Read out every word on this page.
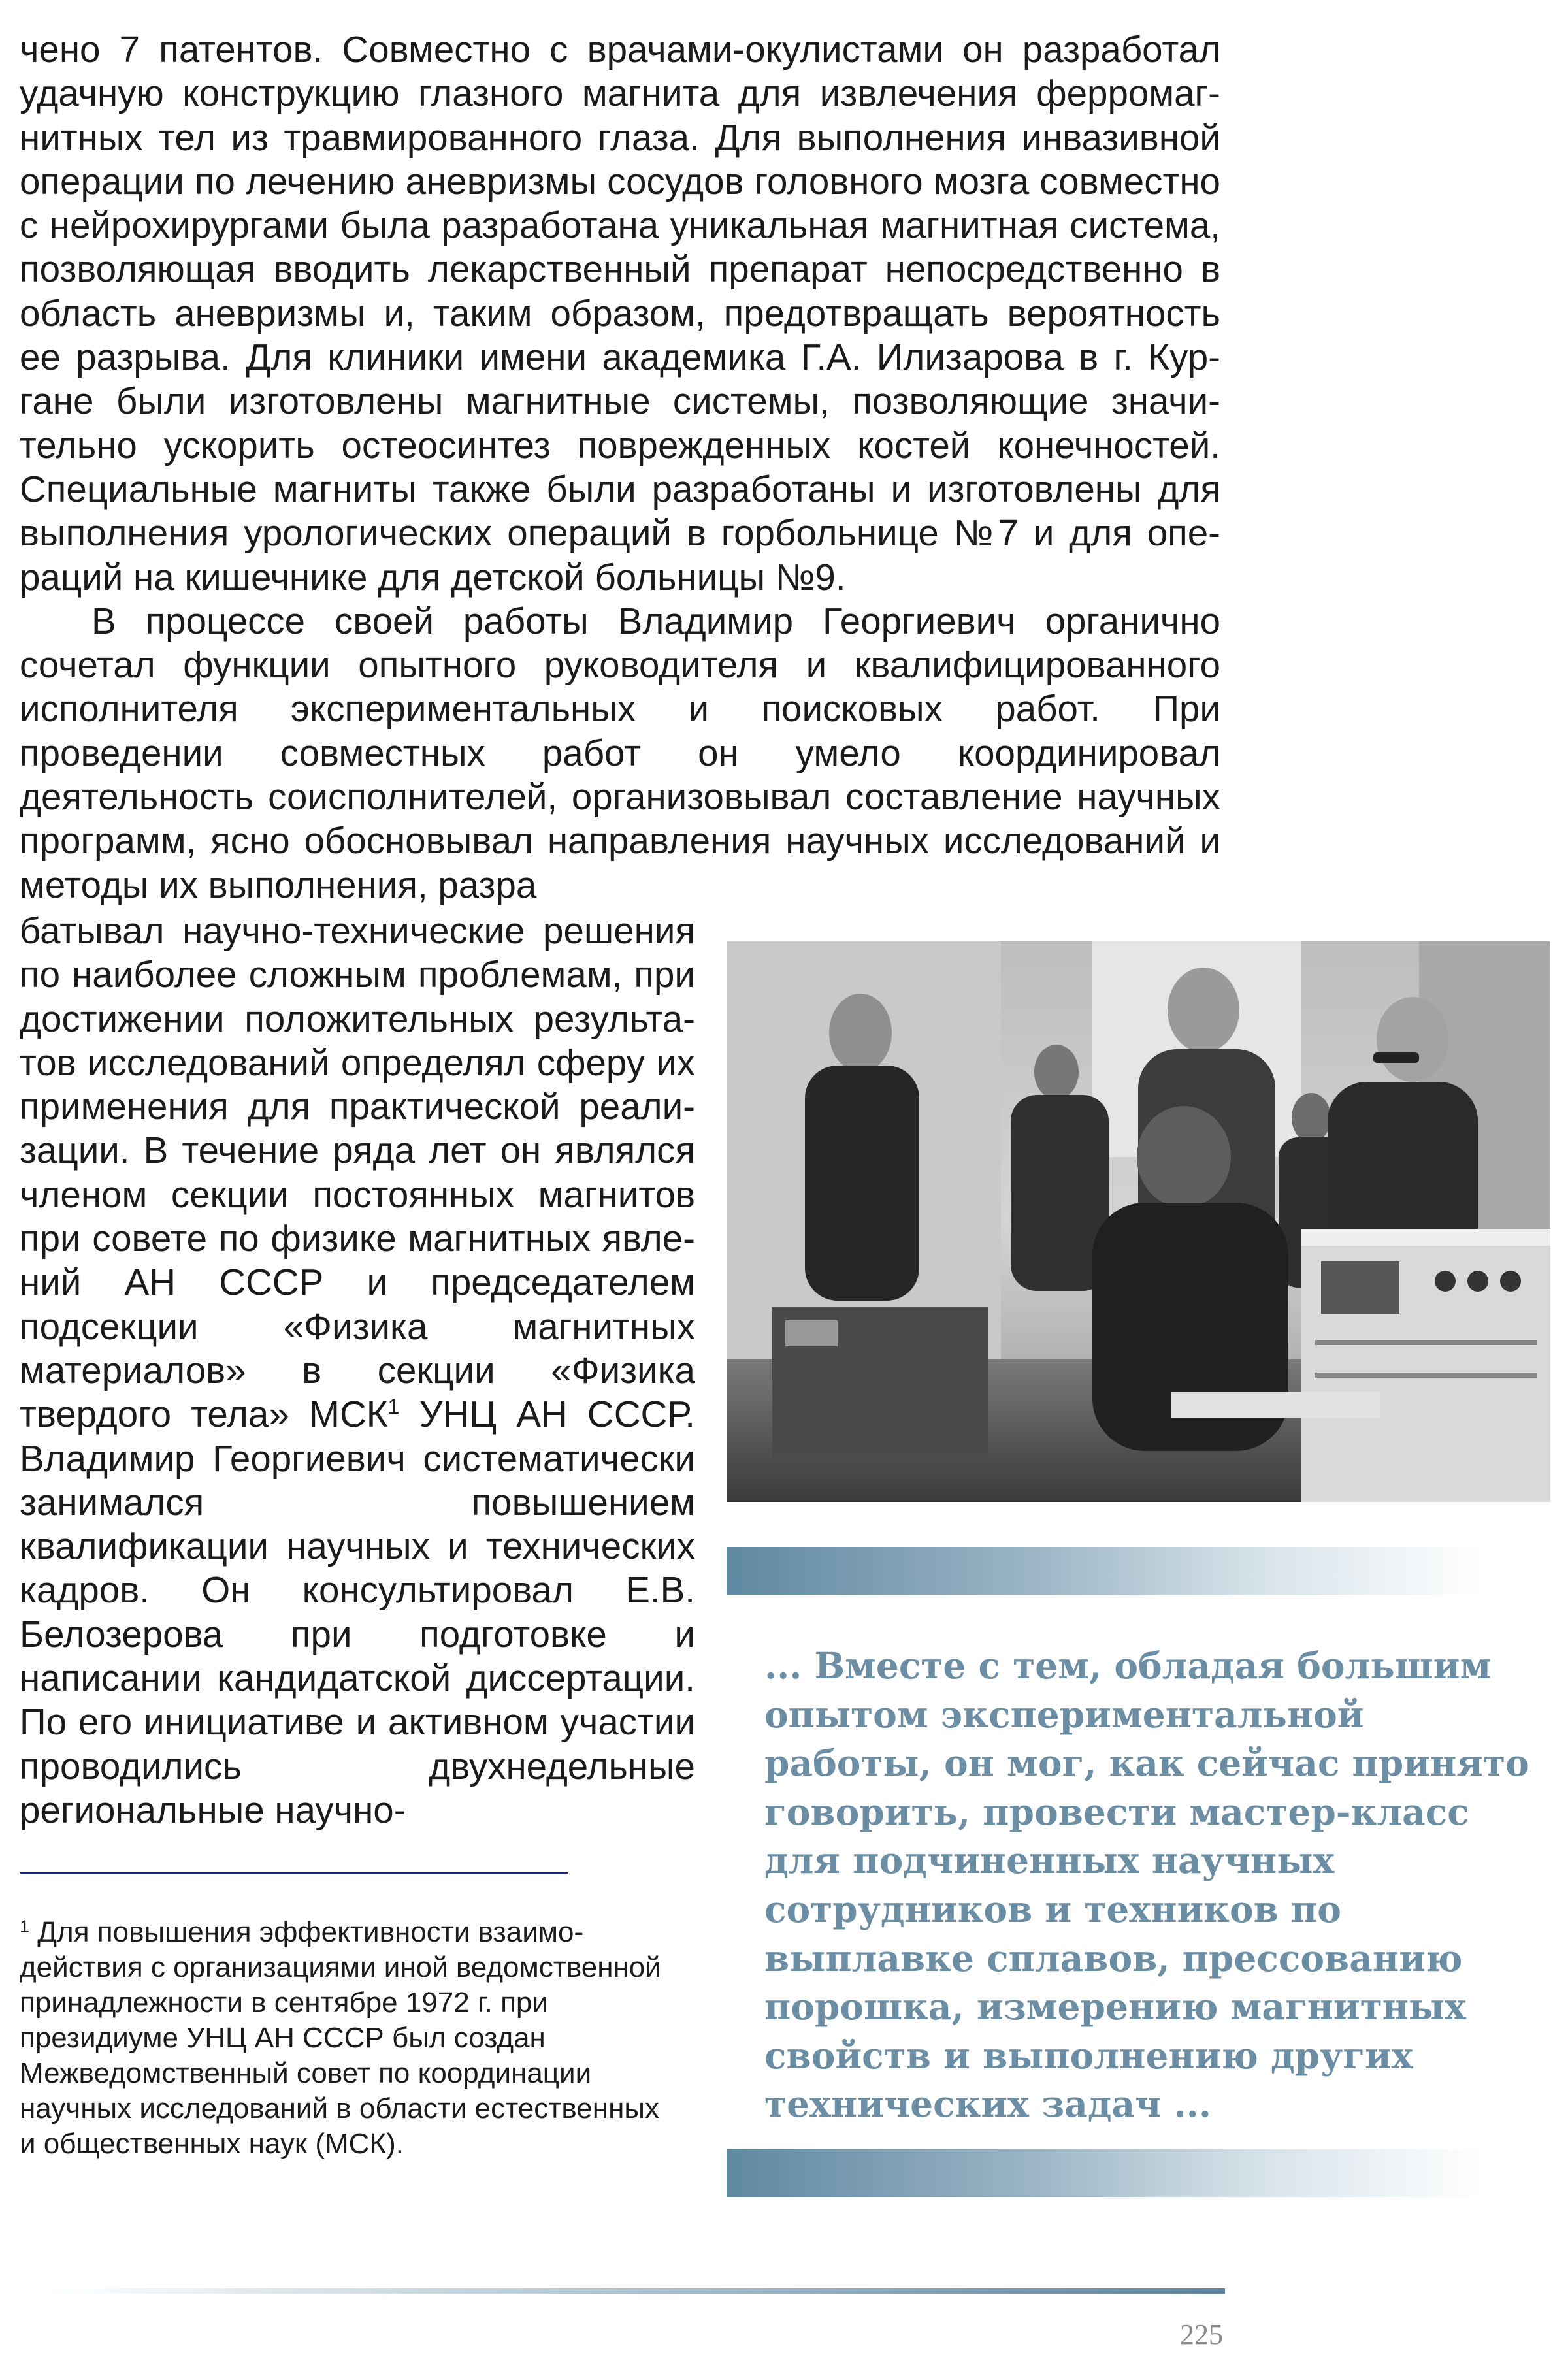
чено 7 патентов. Совместно с врачами-окулистами он разработал удачную конструкцию глазного магнита для извлечения ферромагнитных тел из травмированного глаза. Для выполнения инвазивной операции по лечению аневризмы сосудов головного мозга совместно с нейрохирургами была разработана уникальная магнитная система, позволяющая вводить лекарственный препарат непосредственно в область аневризмы и, таким образом, предотвращать вероятность ее разрыва. Для клиники имени академика Г.А. Илизарова в г. Кургане были изготовлены магнитные системы, позволяющие значительно ускорить остеосинтез поврежденных костей конечностей. Специальные магниты также были разработаны и изготовлены для выполнения урологических операций в горбольнице №7 и для операций на кишечнике для детской больницы №9.

В процессе своей работы Владимир Георгиевич органично сочетал функции опытного руководителя и квалифицированного исполнителя экспериментальных и поисковых работ. При проведении совместных работ он умело координировал деятельность соисполнителей, организовывал составление научных программ, ясно обосновывал направления научных исследований и методы их выполнения, разра

батывал научно-технические решения по наиболее сложным проблемам, при достижении положительных результатов исследований определял сферу их применения для практической реализации. В течение ряда лет он являлся членом секции постоянных магнитов при совете по физике магнитных явлений АН СССР и председателем подсекции «Физика магнитных материалов» в секции «Физика твердого тела» МСК$^1$ УНЦ АН СССР. Владимир Георгиевич систематически занимался повышением квалификации научных и технических кадров. Он консультировал Е.В. Белозерова при подготовке и написании кандидатской диссертации. По его инициативе и активном участии проводились двухнедельные региональные научно-

... Вместе с тем, обладая большим опытом экспериментальной работы, он мог, как сейчас принято говорить, провести мастер-класс для подчиненных научных сотрудников и техников по выплавке сплавов, прессованию порошка, измерению магнитных свойств и выполнению других технических задач ...

$^1$ Для повышения эффективности взаимодействия с организациями иной ведомственной принадлежности в сентябре 1972 г. при президиуме УНЦ АН СССР был создан Межведомственный совет по координации научных исследований в области естественных и общественных наук (МСК).

225
